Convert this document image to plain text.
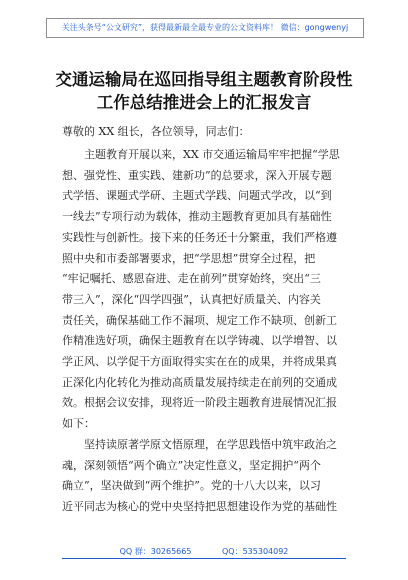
关注头条号“公文研究”，获得最新最全最专业的公文资料库！ 微信：gongwenyj
交通运输局在巡回指导组主题教育阶段性
工作总结推进会上的汇报发言
尊敬的 XX 组长，各位领导，同志们：
　　主题教育开展以来，XX 市交通运输局牢牢把握“学思
想、强党性、重实践、建新功”的总要求，深入开展专题
式学悟、课题式学研、主题式学践、问题式学改，以“到
一线去”专项行动为载体，推动主题教育更加具有基础性
实践性与创新性。接下来的任务还十分繁重，我们严格遵
照中央和市委部署要求，把“学思想”贯穿全过程，把
“牢记嘱托、感恩奋进、走在前列”贯穿始终，突出“三
带三入”，深化“四学四强”，认真把好质量关、内容关
责任关，确保基础工作不漏项、规定工作不缺项、创新工
作精准选好项，确保主题教育在以学铸魂、以学增智、以
学正风、以学促干方面取得实实在在的成果，并将成果真
正深化内化转化为推动高质量发展持续走在前列的交通成
效。根据会议安排，现将近一阶段主题教育进展情况汇报
如下：
　　坚持读原著学原文悟原理，在学思践悟中筑牢政治之
魂，深刻领悟“两个确立”决定性意义，坚定拥护“两个
确立”，坚决做到“两个维护”。党的十八大以来，以习
近平同志为核心的党中央坚持把思想建设作为党的基础性
QQ 群：30265665	QQ：535304092
